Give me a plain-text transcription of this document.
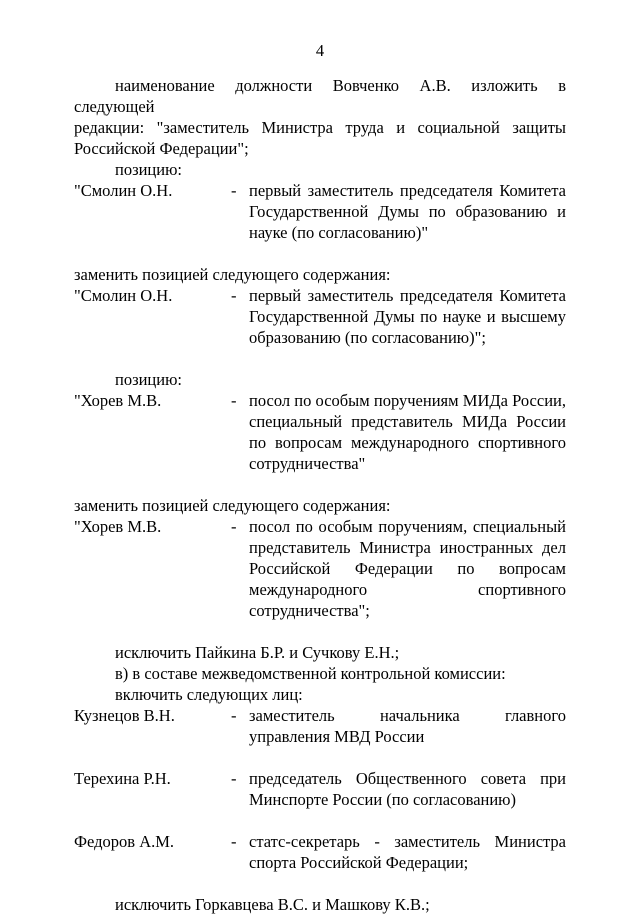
4

наименование должности Вовченко А.В. изложить в следующей

редакции: "заместитель Министра труда и социальной защиты Российской Федерации";

позицию:

"Смолин О.Н.	- первый заместитель председателя Комитета Государственной Думы по образованию и науке (по согласованию)"

заменить позицией следующего содержания:

"Смолин О.Н.	- первый заместитель председателя Комитета Государственной Думы по науке и высшему образованию (по согласованию)";

позицию:

"Хорев М.В.	- посол по особым поручениям МИДа России, специальный представитель МИДа России по вопросам международного спортивного сотрудничества"

заменить позицией следующего содержания:

"Хорев М.В.	- посол по особым поручениям, специальный представитель Министра иностранных дел Российской Федерации по вопросам международного спортивного сотрудничества";

исключить Пайкина Б.Р. и Сучкову Е.Н.;

в) в составе межведомственной контрольной комиссии:

включить следующих лиц:

Кузнецов В.Н.	- заместитель начальника главного управления МВД России
Терехина Р.Н.	- председатель Общественного совета при Минспорте России (по согласованию)
Федоров А.М.	- статс-секретарь - заместитель Министра спорта Российской Федерации;

исключить Горкавцева В.С. и Машкову К.В.;
